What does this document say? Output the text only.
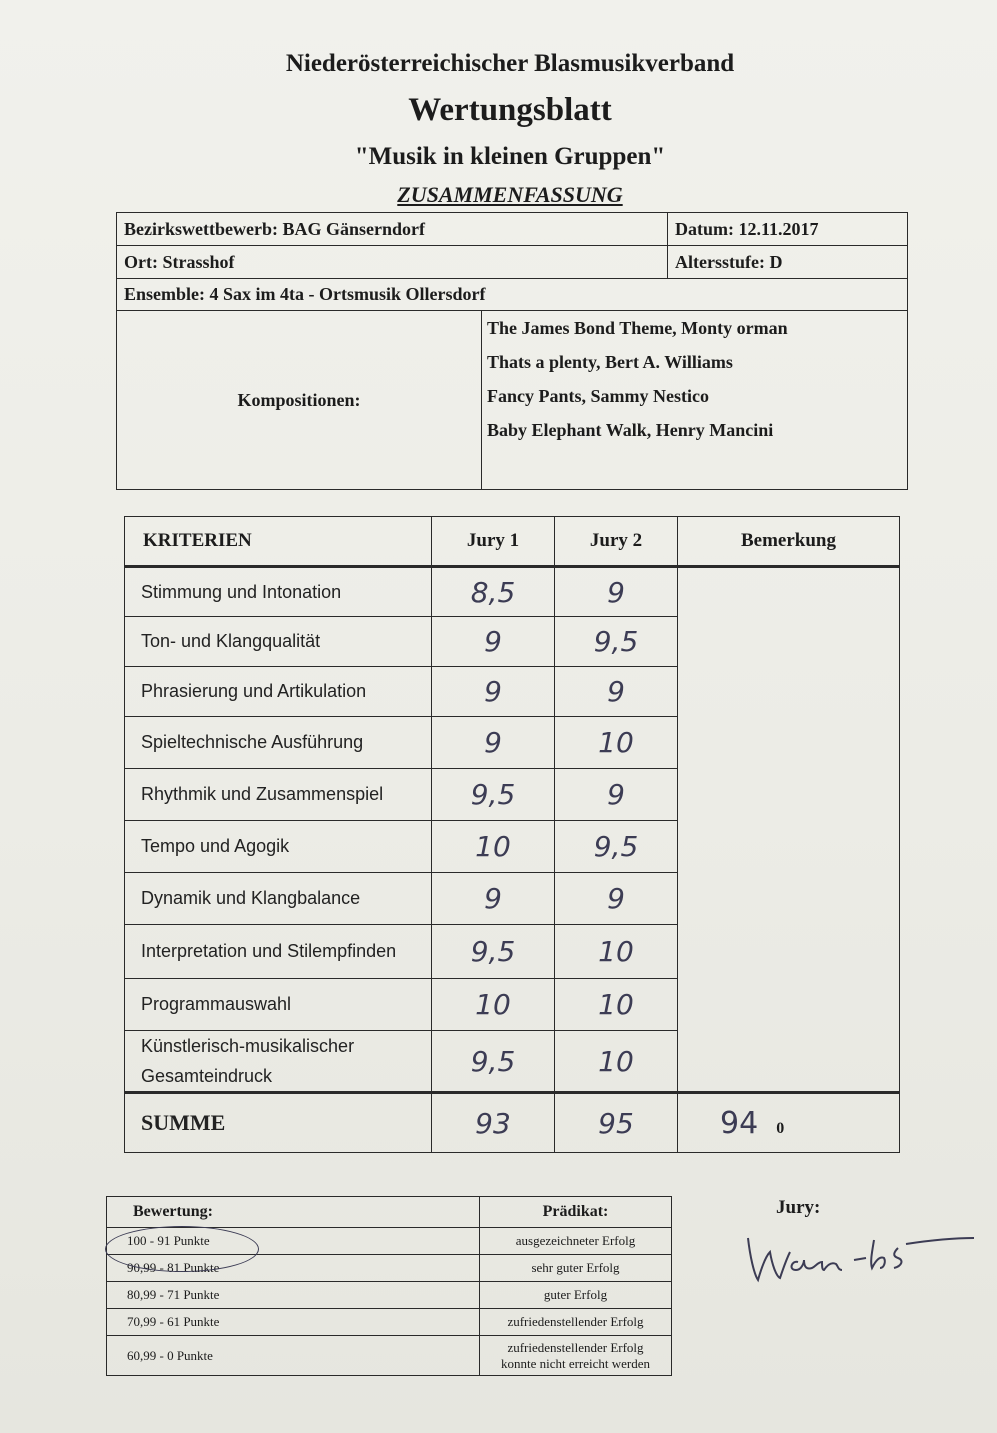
Niederösterreichischer Blasmusikverband
Wertungsblatt
"Musik in kleinen Gruppen"
ZUSAMMENFASSUNG
Bezirkswettbewerb: BAG Gänserndorf	Datum: 12.11.2017
Ort: Strasshof	Altersstufe: D
Ensemble: 4 Sax im 4ta - Ortsmusik Ollersdorf

Kompositionen:	
The James Bond Theme, Monty orman
Thats a plenty, Bert A. Williams
Fancy Pants, Sammy Nestico
Baby Elephant Walk, Henry Mancini
KRITERIEN	Jury 1	Jury 2	Bemerkung
Stimmung und Intonation	8,5	9	
Ton- und Klangqualität	9	9,5	
Phrasierung und Artikulation	9	9	
Spieltechnische Ausführung	9	10	
Rhythmik und Zusammenspiel	9,5	9	
Tempo und Agogik	10	9,5	
Dynamik und Klangbalance	9	9	
Interpretation und Stilempfinden	9,5	10	
Programmauswahl	10	10	
Künstlerisch-musikalischer
Gesamteindruck	9,5	10	
SUMME	93	95	94 0
Bewertung:	Prädikat:
100 - 91 Punkte	ausgezeichneter Erfolg
90,99 - 81 Punkte	sehr guter Erfolg
80,99 - 71 Punkte	guter Erfolg
70,99 - 61 Punkte	zufriedenstellender Erfolg
60,99 - 0 Punkte	zufriedenstellender Erfolg
konnte nicht erreicht werden
Jury:
